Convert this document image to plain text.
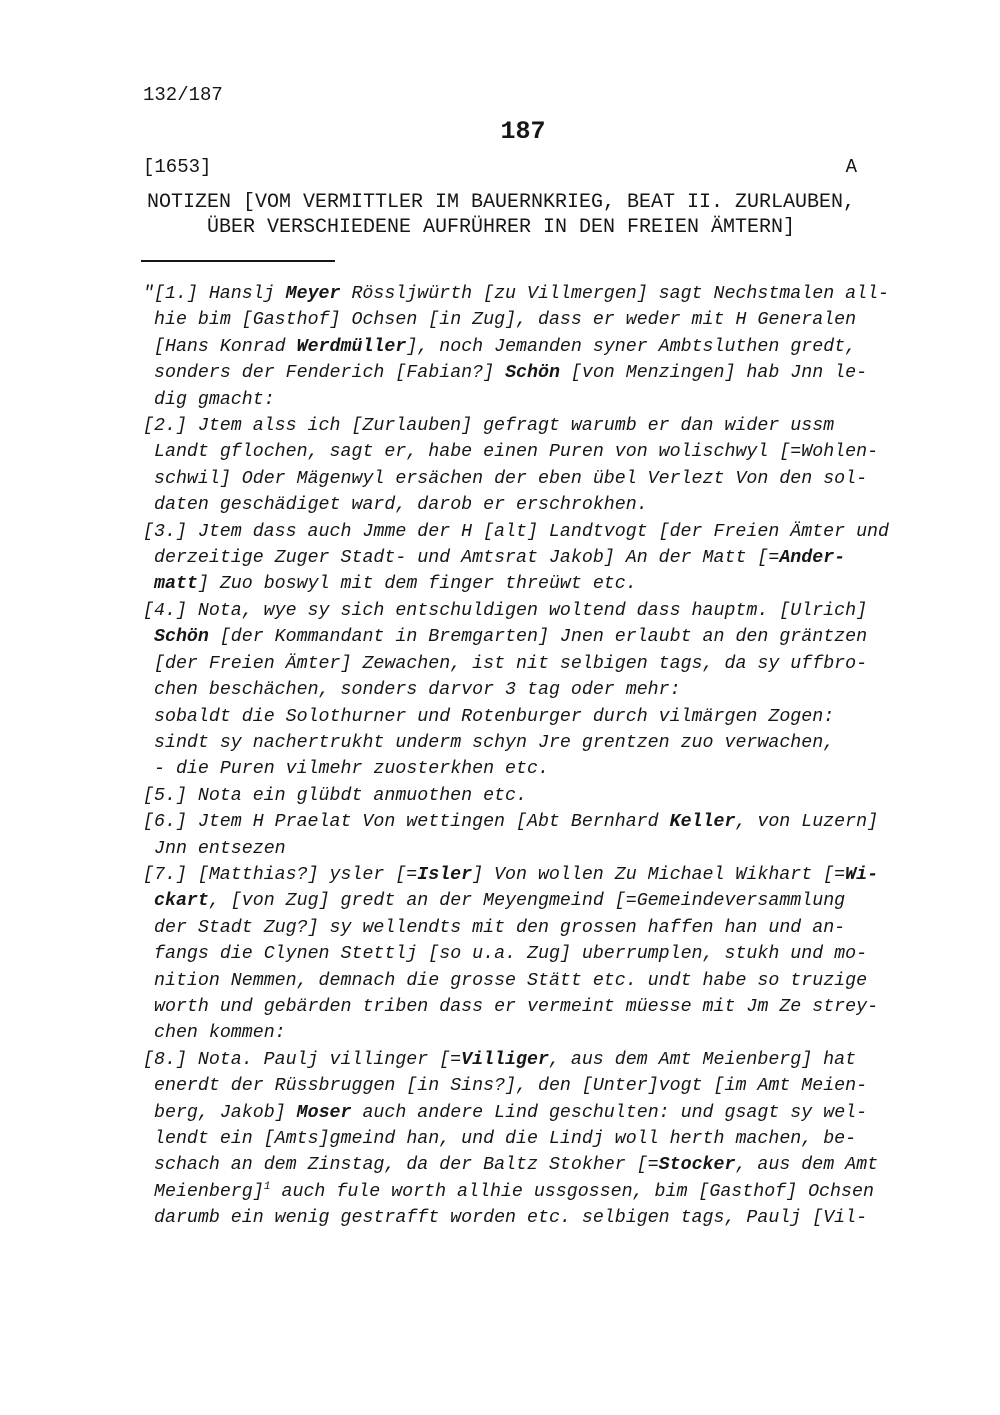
132/187
187
[1653]	A
NOTIZEN [VOM VERMITTLER IM BAUERNKRIEG, BEAT II. ZURLAUBEN,
ÜBER VERSCHIEDENE AUFRÜHRER IN DEN FREIEN ÄMTERN]
"[1.] Hanslj Meyer Rössljwürth [zu Villmergen] sagt Nechstmalen all-
hie bim [Gasthof] Ochsen [in Zug], dass er weder mit H Generalen
[Hans Konrad Werdmüller], noch Jemanden syner Ambtsluthen gredt,
sonders der Fenderich [Fabian?] Schön [von Menzingen] hab Jnn le-
dig gmacht:
[2.] Jtem alss ich [Zurlauben] gefragt warumb er dan wider ussm
Landt gflochen, sagt er, habe einen Puren von wolischwyl [=Wohlen-
schwil] Oder Mägenwyl ersächen der eben übel Verlezt Von den sol-
daten geschädiget ward, darob er erschrokhen.
[3.] Jtem dass auch Jmme der H [alt] Landtvogt [der Freien Ämter und
derzeitige Zuger Stadt- und Amtsrat Jakob] An der Matt [=Ander-
matt] Zuo boswyl mit dem finger threüwt etc.
[4.] Nota, wye sy sich entschuldigen woltend dass hauptm. [Ulrich]
Schön [der Kommandant in Bremgarten] Jnen erlaubt an den gräntzen
[der Freien Ämter] Zewachen, ist nit selbigen tags, da sy uffbro-
chen beschächen, sonders darvor 3 tag oder mehr:
sobaldt die Solothurner und Rotenburger durch vilmärgen Zogen:
sindt sy nachertrukht underm schyn Jre grentzen zuo verwachen,
- die Puren vilmehr zuosterkhen etc.
[5.] Nota ein glübdt anmuothen etc.
[6.] Jtem H Praelat Von wettingen [Abt Bernhard Keller, von Luzern]
Jnn entsezen
[7.] [Matthias?] ysler [=Isler] Von wollen Zu Michael Wikhart [=Wi-
ckart, [von Zug] gredt an der Meyengmeind [=Gemeindeversammlung
der Stadt Zug?] sy wellendts mit den grossen haffen han und an-
fangs die Clynen Stettlj [so u.a. Zug] uberrumplen, stukh und mo-
nition Nemmen, demnach die grosse Stätt etc. undt habe so truzige
worth und gebärden triben dass er vermeint müesse mit Jm Ze strey-
chen kommen:
[8.] Nota. Paulj villinger [=Villiger, aus dem Amt Meienberg] hat
enerdt der Rüssbruggen [in Sins?], den [Unter]vogt [im Amt Meien-
berg, Jakob] Moser auch andere Lind geschulten: und gsagt sy wel-
lendt ein [Amts]gmeind han, und die Lindj woll herth machen, be-
schach an dem Zinstag, da der Baltz Stokher [=Stocker, aus dem Amt
Meienberg]$^1$ auch fule worth allhie ussgossen, bim [Gasthof] Ochsen
darumb ein wenig gestrafft worden etc. selbigen tags, Paulj [Vil-
